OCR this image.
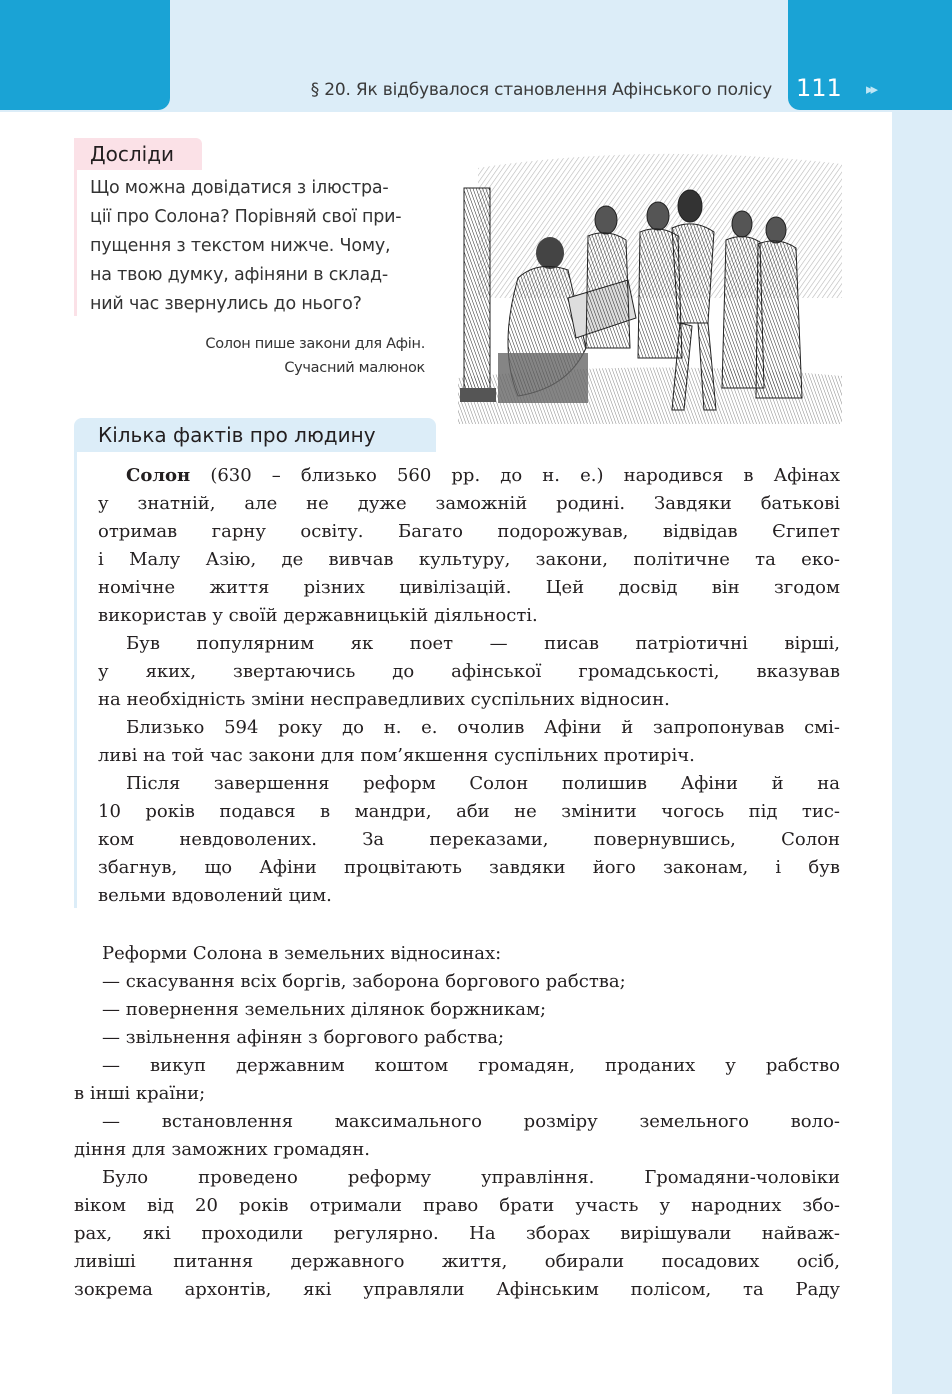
§ 20. Як відбувалося становлення Афінського полісу 111 ▸▸
Досліди
Що можна довідатися з ілюстра-
ції про Солона? Порівняй свої при-
пущення з текстом нижче. Чому,
на твою думку, афіняни в склад-
ний час звернулись до нього?
Солон пише закони для Афін.
Сучасний малюнок
Кілька фактів про людину
Солон (630 – близько 560 рр. до н. е.) народився в Афінах
у знатній, але не дуже заможній родині. Завдяки батькові
отримав гарну освіту. Багато подорожував, відвідав Єгипет
і Малу Азію, де вивчав культуру, закони, політичне та еко-
номічне життя різних цивілізацій. Цей досвід він згодом
використав у своїй державницькій діяльності.
Був популярним як поет — писав патріотичні вірші,
у яких, звертаючись до афінської громадськості, вказував
на необхідність зміни несправедливих суспільних відносин.
Близько 594 року до н. е. очолив Афіни й запропонував смі-
ливі на той час закони для пом’якшення суспільних протиріч.
Після завершення реформ Солон полишив Афіни й на
10 років подався в мандри, аби не змінити чогось під тис-
ком невдоволених. За переказами, повернувшись, Солон
збагнув, що Афіни процвітають завдяки його законам, і був
вельми вдоволений цим.
Реформи Солона в земельних відносинах:
— скасування всіх боргів, заборона боргового рабства;
— повернення земельних ділянок боржникам;
— звільнення афінян з боргового рабства;
— викуп державним коштом громадян, проданих у рабство
в інші країни;
— встановлення максимального розміру земельного воло-
діння для заможних громадян.
Було проведено реформу управління. Громадяни-чоловіки
віком від 20 років отримали право брати участь у народних збо-
рах, які проходили регулярно. На зборах вирішували найваж-
ливіші питання державного життя, обирали посадових осіб,
зокрема архонтів, які управляли Афінським полісом, та Раду
